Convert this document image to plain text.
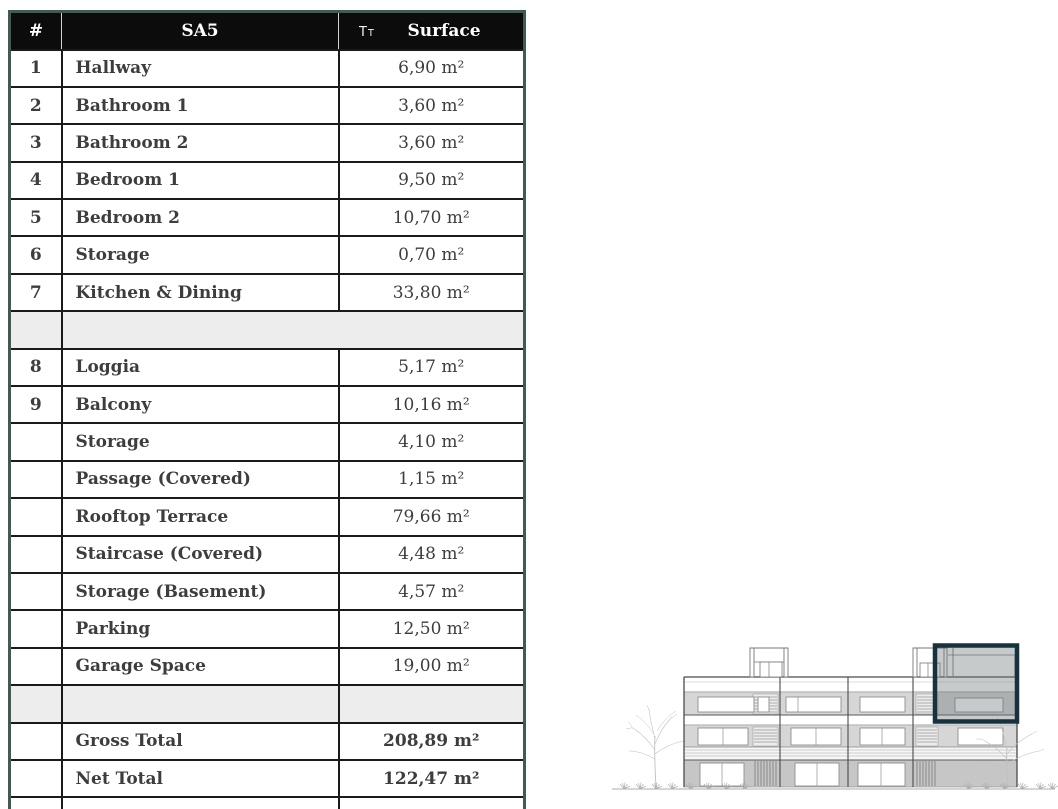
#	SA5	TT Surface

1	Hallway	6,90 m²
2	Bathroom 1	3,60 m²
3	Bathroom 2	3,60 m²
4	Bedroom 1	9,50 m²
5	Bedroom 2	10,70 m²
6	Storage	0,70 m²
7	Kitchen & Dining	33,80 m²

8	Loggia	5,17 m²
9	Balcony	10,16 m²
	Storage	4,10 m²
	Passage (Covered)	1,15 m²
	Rooftop Terrace	79,66 m²
	Staircase (Covered)	4,48 m²
	Storage (Basement)	4,57 m²
	Parking	12,50 m²
	Garage Space	19,00 m²

	Gross Total	208,89 m²
	Net Total	122,47 m²
